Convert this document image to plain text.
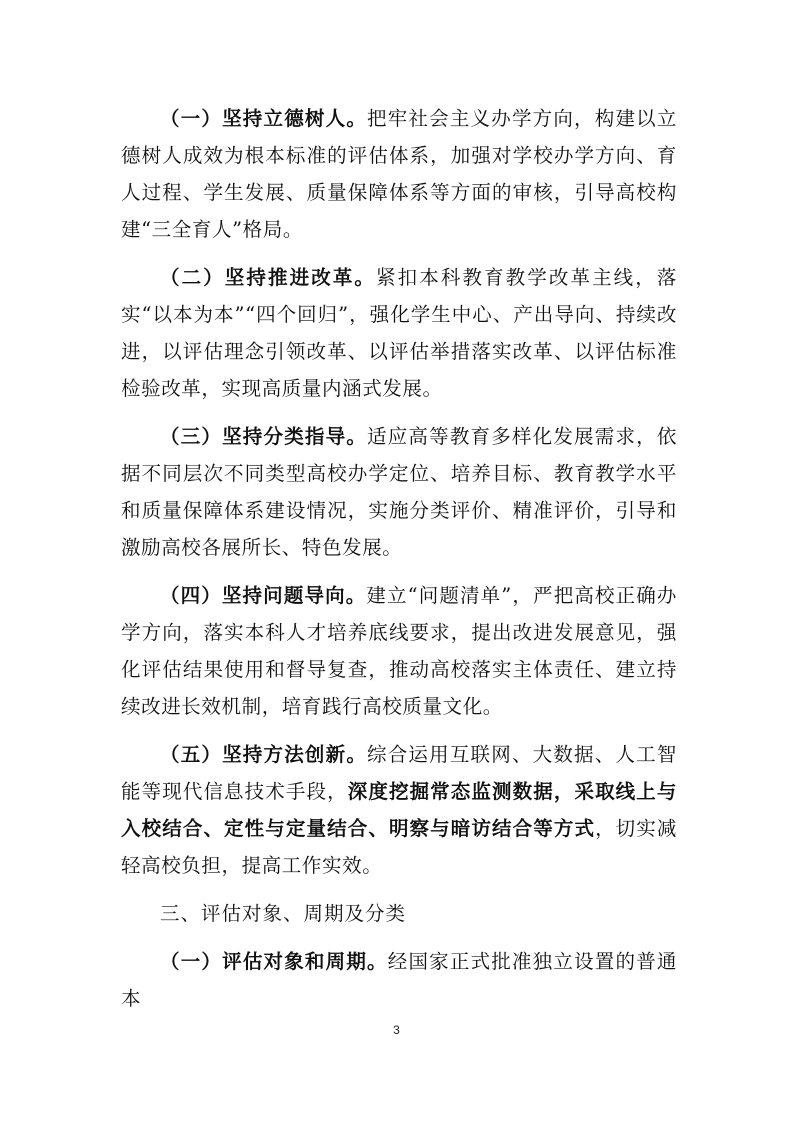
（一）坚持立德树人。把牢社会主义办学方向，构建以立德树人成效为根本标准的评估体系，加强对学校办学方向、育人过程、学生发展、质量保障体系等方面的审核，引导高校构建“三全育人”格局。

（二）坚持推进改革。紧扣本科教育教学改革主线，落实“以本为本”“四个回归”，强化学生中心、产出导向、持续改进，以评估理念引领改革、以评估举措落实改革、以评估标准检验改革，实现高质量内涵式发展。

（三）坚持分类指导。适应高等教育多样化发展需求，依据不同层次不同类型高校办学定位、培养目标、教育教学水平和质量保障体系建设情况，实施分类评价、精准评价，引导和激励高校各展所长、特色发展。

（四）坚持问题导向。建立“问题清单”，严把高校正确办学方向，落实本科人才培养底线要求，提出改进发展意见，强化评估结果使用和督导复查，推动高校落实主体责任、建立持续改进长效机制，培育践行高校质量文化。

（五）坚持方法创新。综合运用互联网、大数据、人工智能等现代信息技术手段，深度挖掘常态监测数据，采取线上与入校结合、定性与定量结合、明察与暗访结合等方式，切实减轻高校负担，提高工作实效。

三、评估对象、周期及分类

（一）评估对象和周期。经国家正式批准独立设置的普通本

3
